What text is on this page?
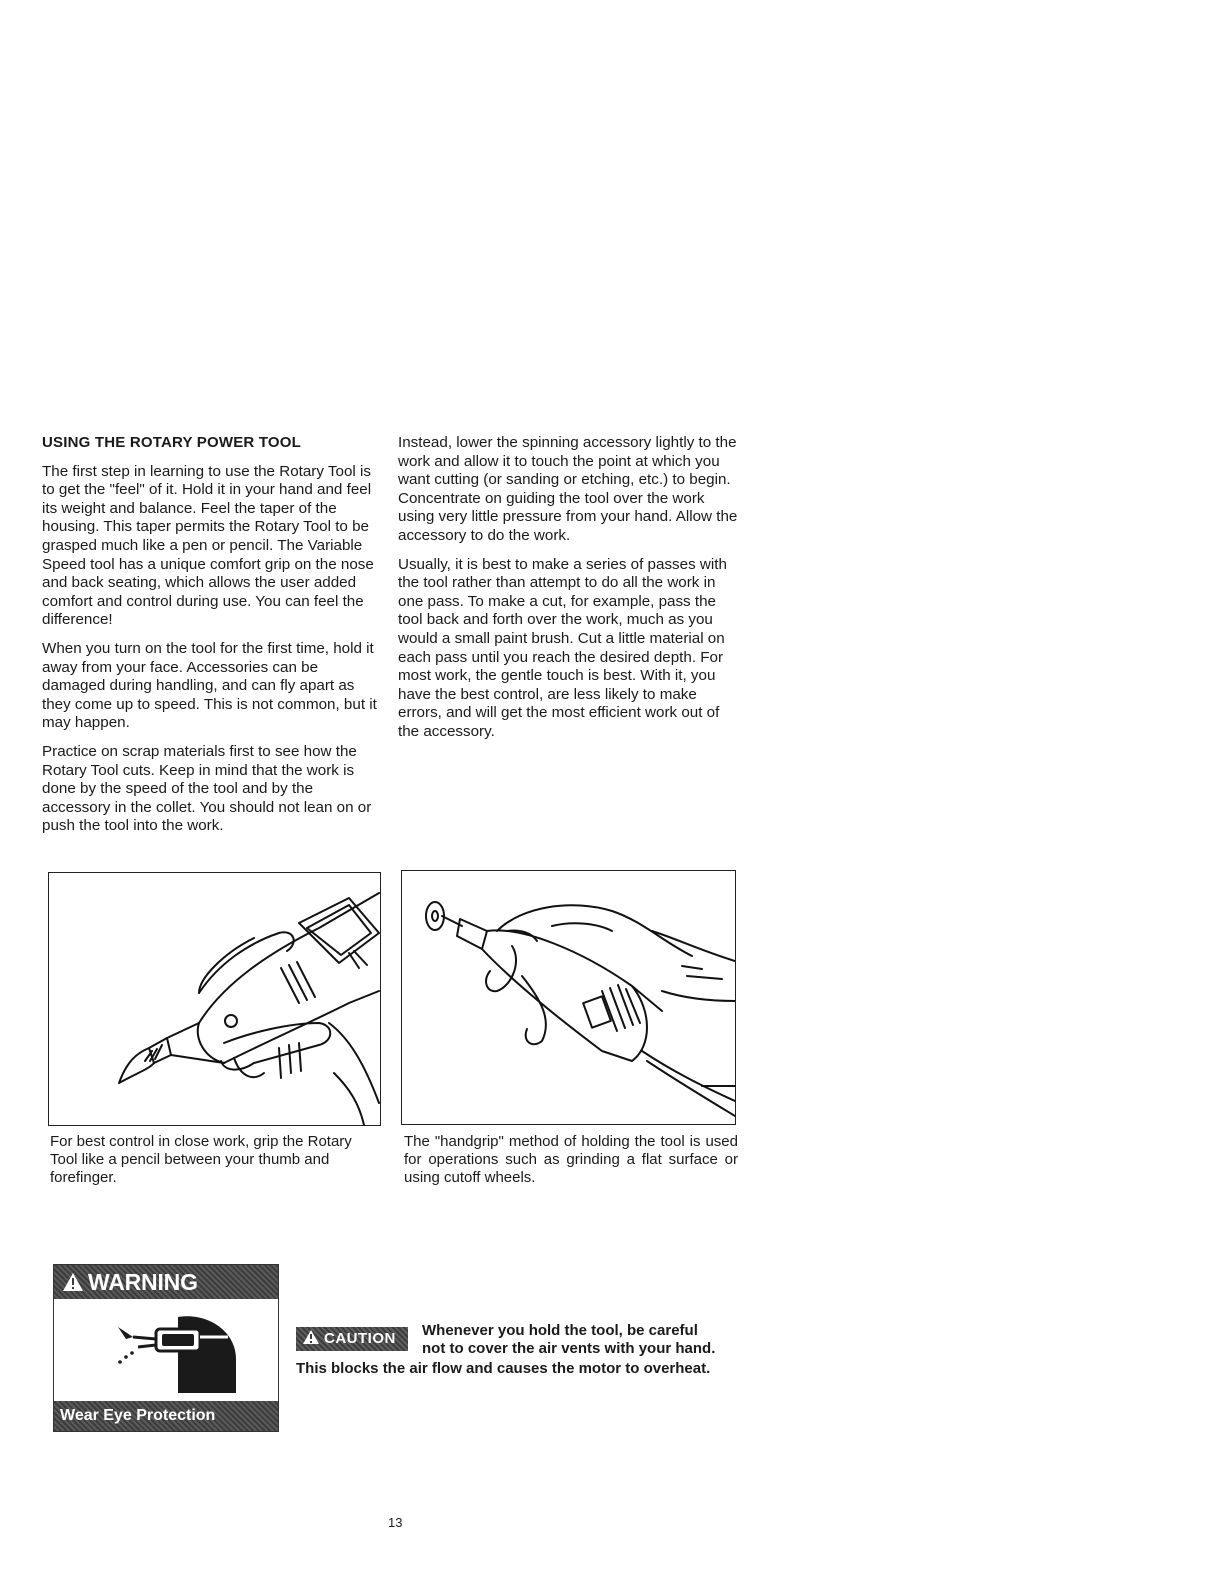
USING THE ROTARY POWER TOOL

The first step in learning to use the Rotary Tool is to get the "feel" of it. Hold it in your hand and feel its weight and balance. Feel the taper of the housing. This taper permits the Rotary Tool to be grasped much like a pen or pencil. The Variable Speed tool has a unique comfort grip on the nose and back seating, which allows the user added comfort and control during use. You can feel the difference!

When you turn on the tool for the first time, hold it away from your face. Accessories can be damaged during handling, and can fly apart as they come up to speed. This is not common, but it may happen.

Practice on scrap materials first to see how the Rotary Tool cuts. Keep in mind that the work is done by the speed of the tool and by the accessory in the collet. You should not lean on or push the tool into the work.

Instead, lower the spinning accessory lightly to the work and allow it to touch the point at which you want cutting (or sanding or etching, etc.) to begin. Concentrate on guiding the tool over the work using very little pressure from your hand. Allow the accessory to do the work.

Usually, it is best to make a series of passes with the tool rather than attempt to do all the work in one pass. To make a cut, for example, pass the tool back and forth over the work, much as you would a small paint brush. Cut a little material on each pass until you reach the desired depth. For most work, the gentle touch is best. With it, you have the best control, are less likely to make errors, and will get the most efficient work out of the accessory.

For best control in close work, grip the Rotary Tool like a pencil between your thumb and forefinger.
The "handgrip" method of holding the tool is used for operations such as grinding a flat surface or using cutoff wheels.
WARNING
Wear Eye Protection
CAUTION	Whenever you hold the tool, be careful
not to cover the air vents with your hand.
This blocks the air flow and causes the motor to overheat.
13
